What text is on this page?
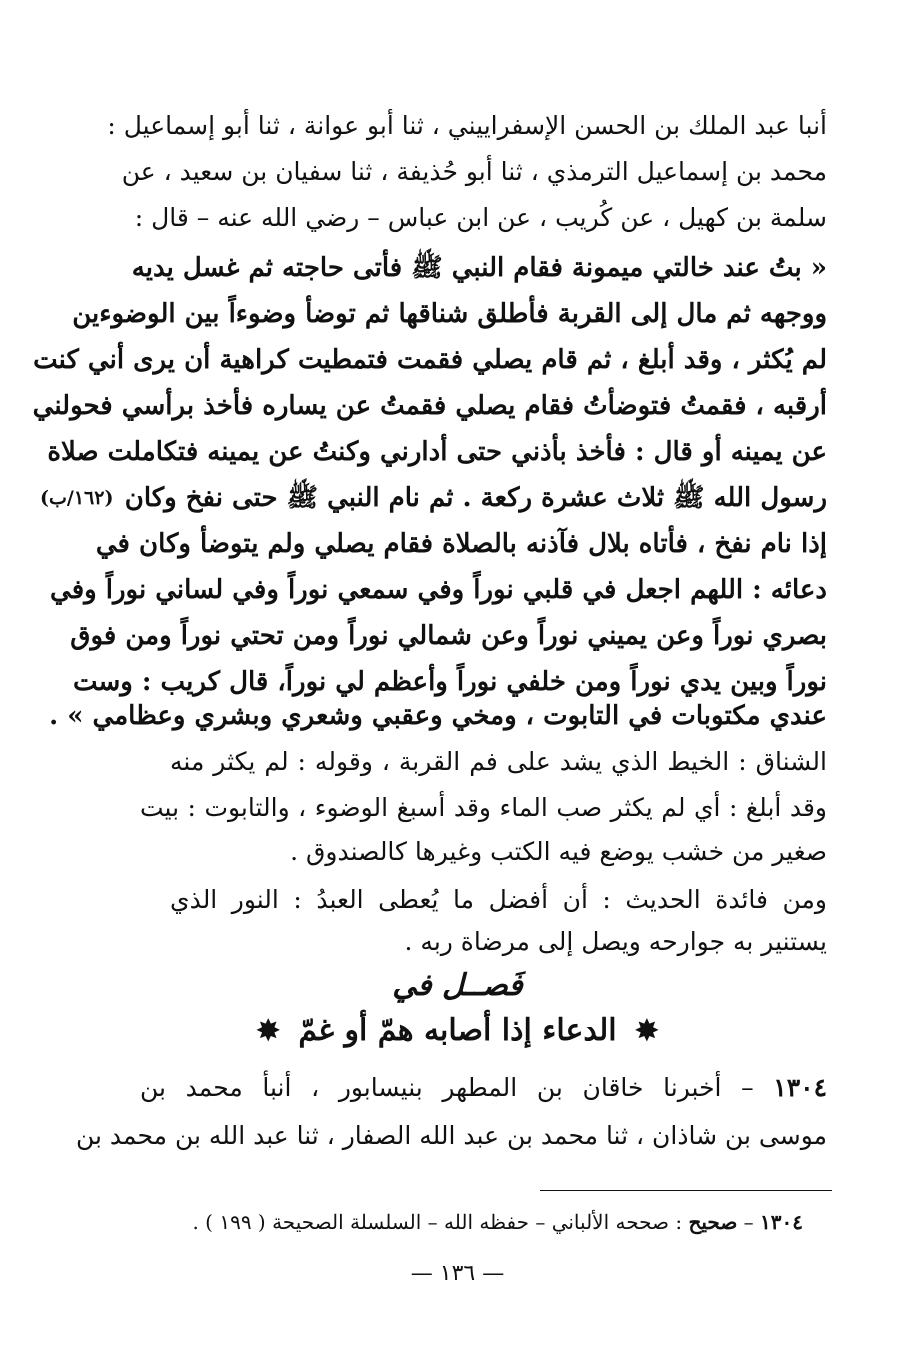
أنبا عبد الملك بن الحسن الإسفراييني ، ثنا أبو عوانة ، ثنا أبو إسماعيل :
محمد بن إسماعيل الترمذي ، ثنا أبو حُذيفة ، ثنا سفيان بن سعيد ، عن
سلمة بن كهيل ، عن كُريب ، عن ابن عباس – رضي الله عنه – قال :
« بتُ عند خالتي ميمونة فقام النبي ﷺ فأتى حاجته ثم غسل يديه
ووجهه ثم مال إلى القربة فأطلق شناقها ثم توضأ وضوءاً بين الوضوءين
لم يُكثر ، وقد أبلغ ، ثم قام يصلي فقمت فتمطيت كراهية أن يرى أني كنت
أرقبه ، فقمتُ فتوضأتُ فقام يصلي فقمتُ عن يساره فأخذ برأسي فحولني
عن يمينه أو قال : فأخذ بأذني حتى أدارني وكنتُ عن يمينه فتكاملت صلاة
رسول الله ﷺ ثلاث عشرة ركعة . ثم نام النبي ﷺ حتى نفخ وكان
(١٦٢/ب)
إذا نام نفخ ، فأتاه بلال فآذنه بالصلاة فقام يصلي ولم يتوضأ وكان في
دعائه : اللهم اجعل في قلبي نوراً وفي سمعي نوراً وفي لساني نوراً وفي
بصري نوراً وعن يميني نوراً وعن شمالي نوراً ومن تحتي نوراً ومن فوق
نوراً وبين يدي نوراً ومن خلفي نوراً وأعظم لي نوراً، قال كريب : وست
عندي مكتوبات في التابوت ، ومخي وعقبي وشعري وبشري وعظامي » .
الشناق : الخيط الذي يشد على فم القربة ، وقوله : لم يكثر منه
وقد أبلغ : أي لم يكثر صب الماء وقد أسبغ الوضوء ، والتابوت : بيت
صغير من خشب يوضع فيه الكتب وغيرها كالصندوق .
ومن فائدة الحديث : أن أفضل ما يُعطى العبدُ : النور الذي
يستنير به جوارحه ويصل إلى مرضاة ربه .
فَصــل في
✸ الدعاء إذا أصابه همّ أو غمّ ✸
١٣٠٤ – أخبرنا خاقان بن المطهر بنيسابور ، أنبأ محمد بن
موسى بن شاذان ، ثنا محمد بن عبد الله الصفار ، ثنا عبد الله بن محمد بن
١٣٠٤ – صحيح : صححه الألباني – حفظه الله – السلسلة الصحيحة ( ١٩٩ ) .
— ١٣٦ —
